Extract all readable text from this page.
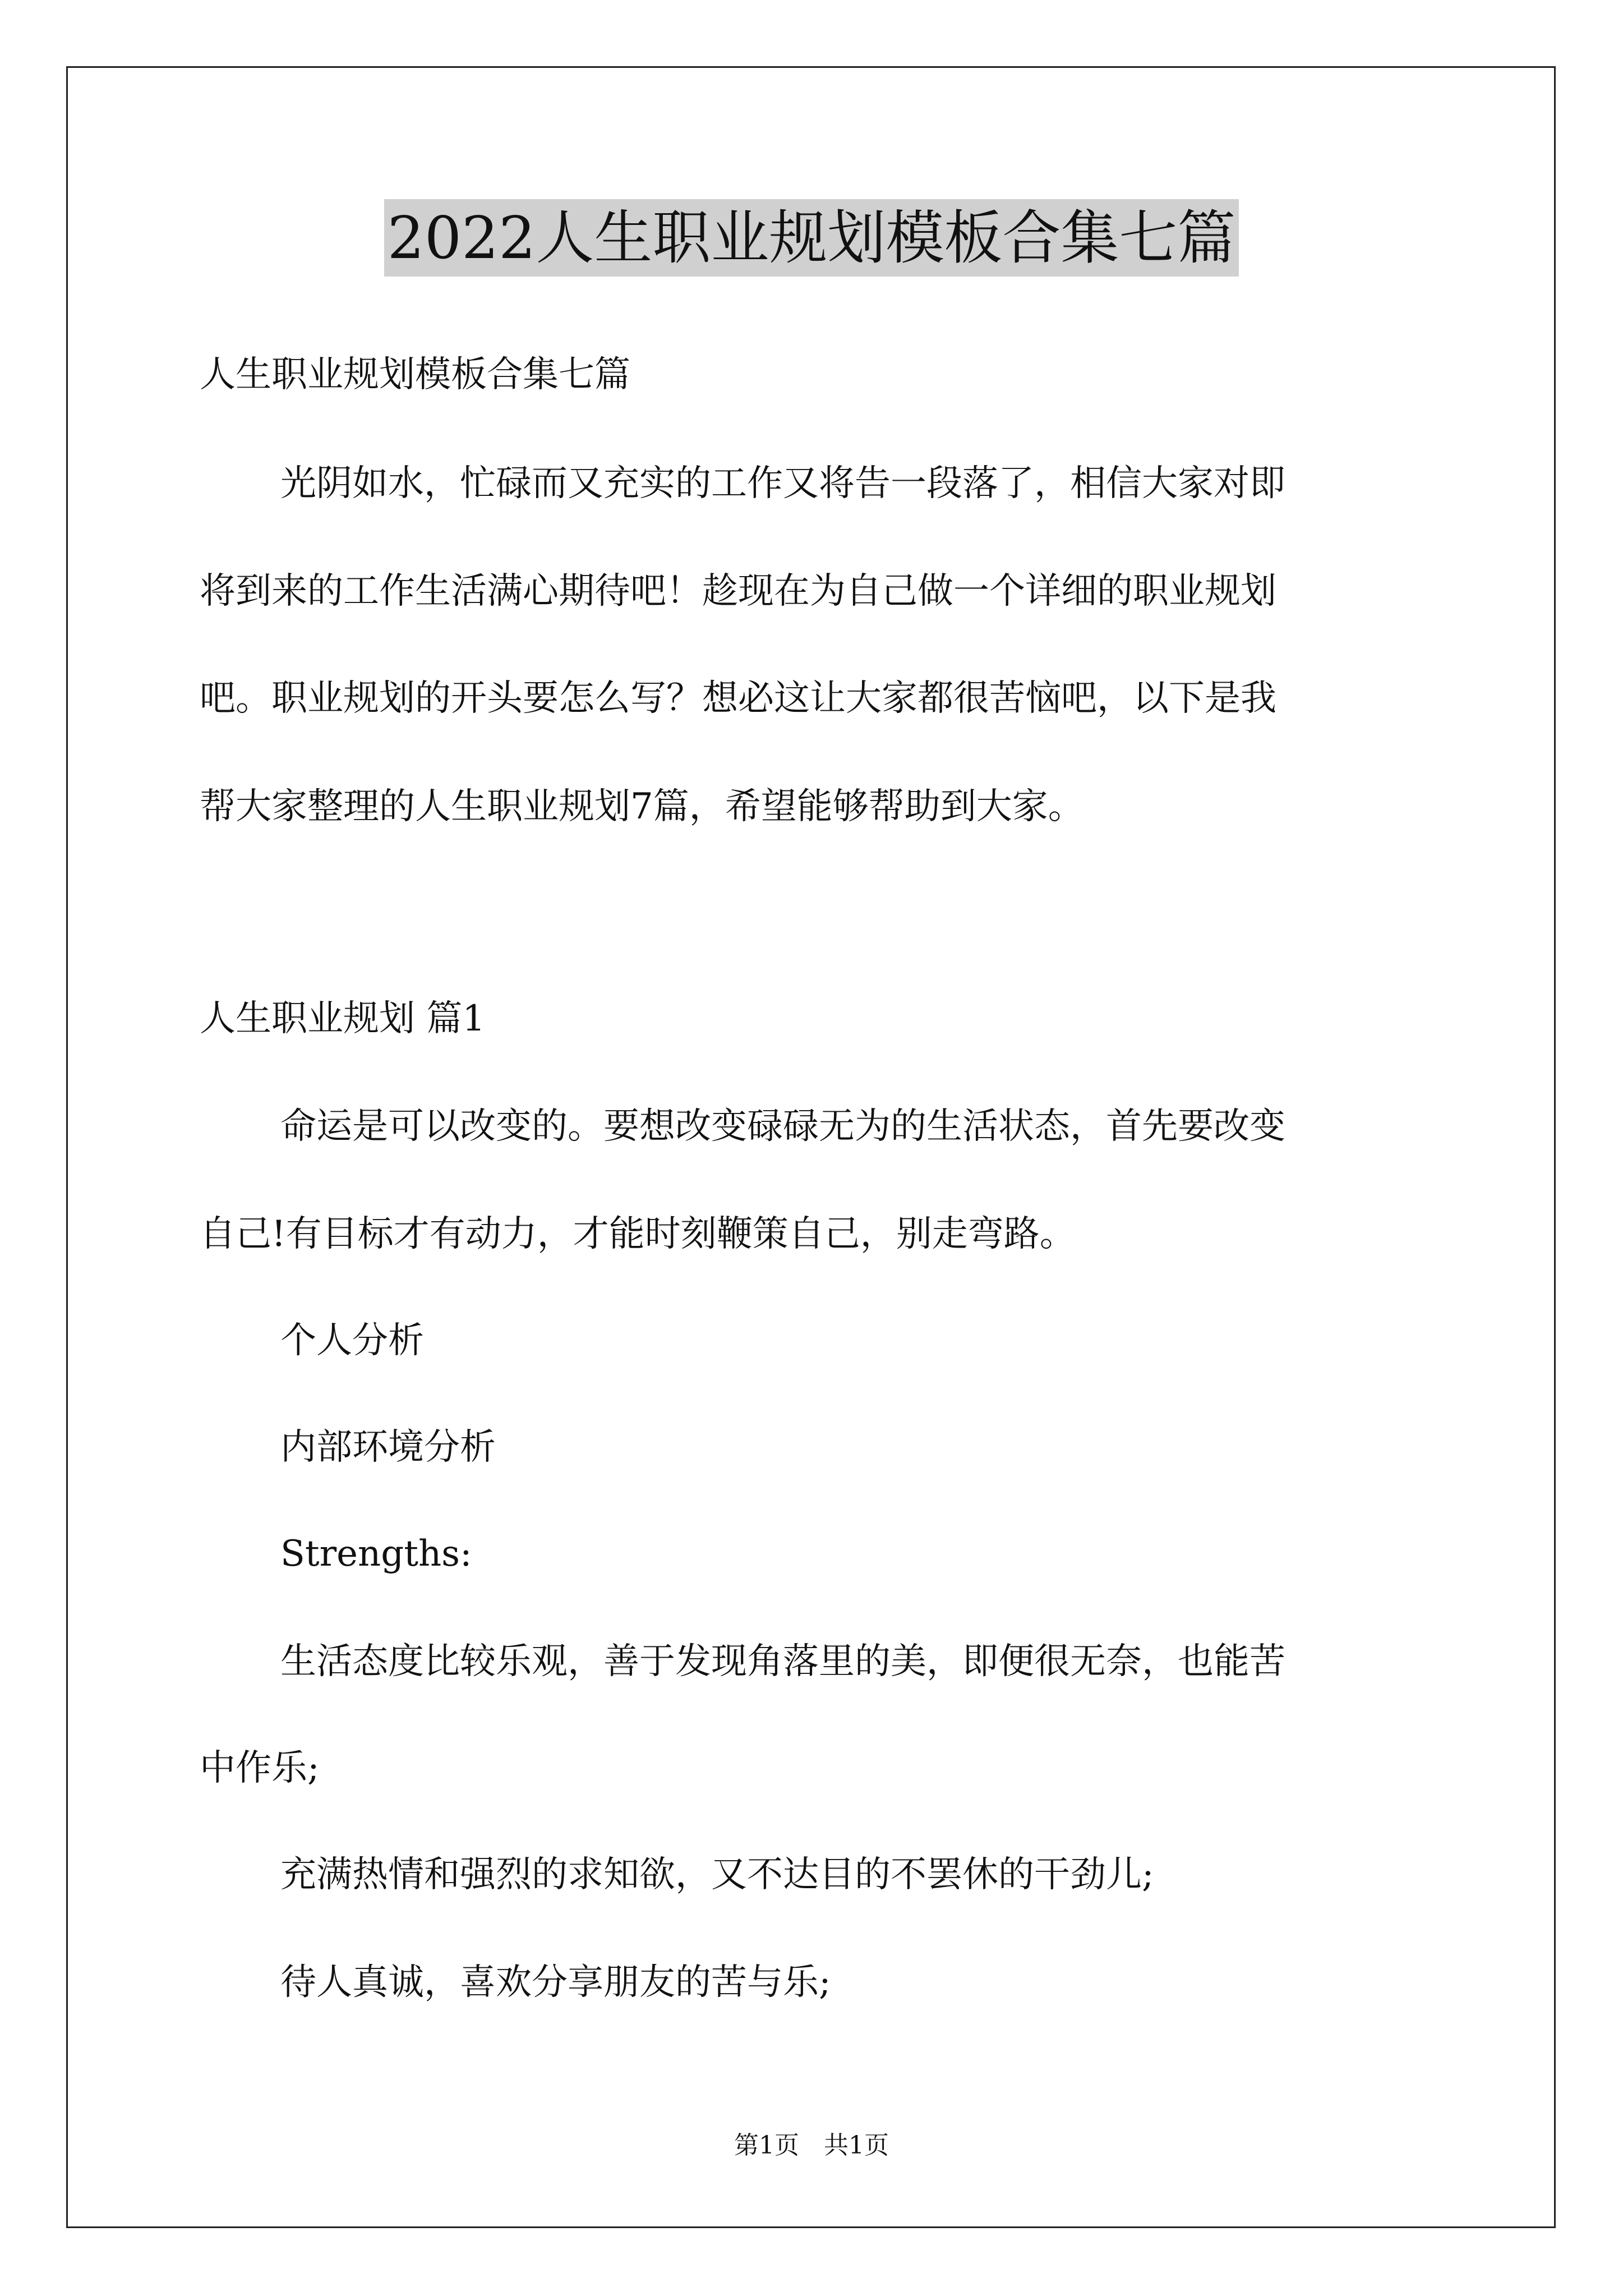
2022人生职业规划模板合集七篇
人生职业规划模板合集七篇
光阴如水，忙碌而又充实的工作又将告一段落了，相信大家对即
将到来的工作生活满心期待吧！趁现在为自己做一个详细的职业规划
吧。职业规划的开头要怎么写？想必这让大家都很苦恼吧，以下是我
帮大家整理的人生职业规划7篇，希望能够帮助到大家。
人生职业规划 篇1
命运是可以改变的。要想改变碌碌无为的生活状态，首先要改变
自己!有目标才有动力，才能时刻鞭策自己，别走弯路。
个人分析
内部环境分析
Strengths:
生活态度比较乐观，善于发现角落里的美，即便很无奈，也能苦
中作乐;
充满热情和强烈的求知欲，又不达目的不罢休的干劲儿;
待人真诚，喜欢分享朋友的苦与乐;
第1页　共1页
